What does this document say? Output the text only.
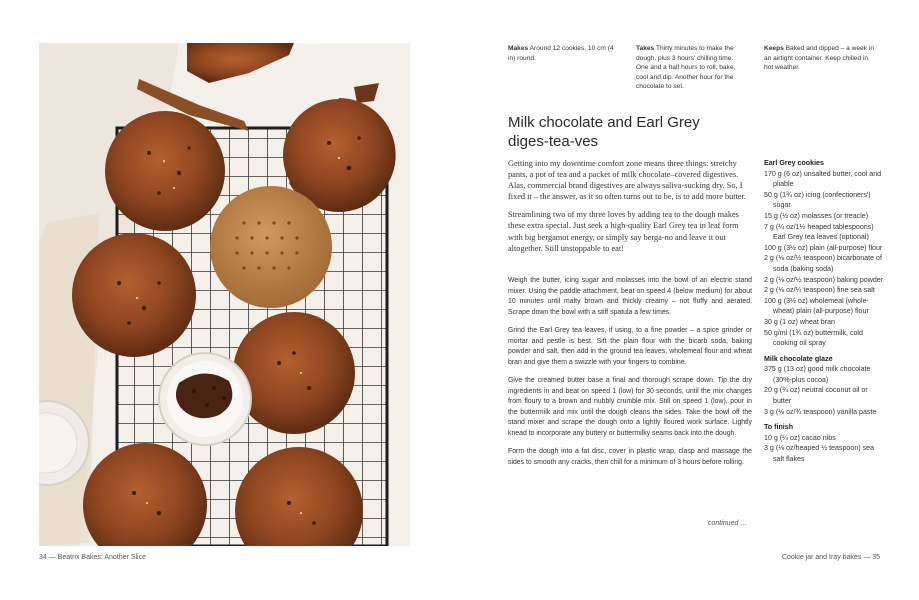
34 — Beatrix Bakes: Another Slice	Cookie jar and tray bakes — 35
Makes Around 12 cookies, 10 cm (4 in) round.
Takes Thirty minutes to make the dough, plus 3 hours' chilling time. One and a half hours to roll, bake, cool and dip. Another hour for the chocolate to set.
Keeps Baked and dipped – a week in an airtight container. Keep chilled in hot weather.
Milk chocolate and Earl Grey
diges-tea-ves

Getting into my downtime comfort zone means three things: stretchy pants, a pot of tea and a packet of milk chocolate–covered digestives. Alas, commercial brand digestives are always saliva-sucking dry. So, I fixed it – the answer, as it so often turns out to be, is to add more butter.

Streamlining two of my three loves by adding tea to the dough makes these extra special. Just seek a high-quality Earl Grey tea in leaf form with big bergamot energy, or simply say berga-no and leave it out altogether. Still unstoppable to eat!

Weigh the butter, icing sugar and molasses into the bowl of an electric stand mixer. Using the paddle attachment, beat on speed 4 (below medium) for about 10 minutes until malty brown and thickly creamy – not fluffy and aerated. Scrape down the bowl with a stiff spatula a few times.

Grind the Earl Grey tea leaves, if using, to a fine powder – a spice grinder or mortar and pestle is best. Sift the plain flour with the bicarb soda, baking powder and salt, then add in the ground tea leaves, wholemeal flour and wheat bran and give them a swizzle with your fingers to combine.

Give the creamed butter base a final and thorough scrape down. Tip the dry ingredients in and beat on speed 1 (low) for 30 seconds, until the mix changes from floury to a brown and nubbly crumble mix. Still on speed 1 (low), pour in the buttermilk and mix until the dough cleans the sides. Take the bowl off the stand mixer and scrape the dough onto a lightly floured work surface. Lightly knead to incorporate any buttery or buttermilky seams back into the dough.

Form the dough into a fat disc, cover in plastic wrap, clasp and massage the sides to smooth any cracks, then chill for a minimum of 3 hours before rolling.

continued …
Earl Grey cookies
170 g (6 oz) unsalted butter, cool and pliable
50 g (1¾ oz) icing (confectioners') sugar
15 g (½ oz) molasses (or treacle)
7 g (¼ oz/1½ heaped tablespoons) Earl Grey tea leaves (optional)
100 g (3½ oz) plain (all-purpose) flour
2 g (⅛ oz/½ teaspoon) bicarbonate of soda (baking soda)
2 g (⅛ oz/½ teaspoon) baking powder
2 g (⅛ oz/¼ teaspoon) fine sea salt
100 g (3½ oz) wholemeal (whole-wheat) plain (all-purpose) flour
30 g (1 oz) wheat bran
50 g/ml (1¾ oz) buttermilk, cold cooking oil spray
Milk chocolate glaze
375 g (13 oz) good milk chocolate (30%-plus cocoa)
20 g (¾ oz) neutral coconut oil or butter
3 g (⅛ oz/¾ teaspoon) vanilla paste
To finish
10 g (¼ oz) cacao nibs
3 g (⅛ oz/heaped ½ teaspoon) sea salt flakes
